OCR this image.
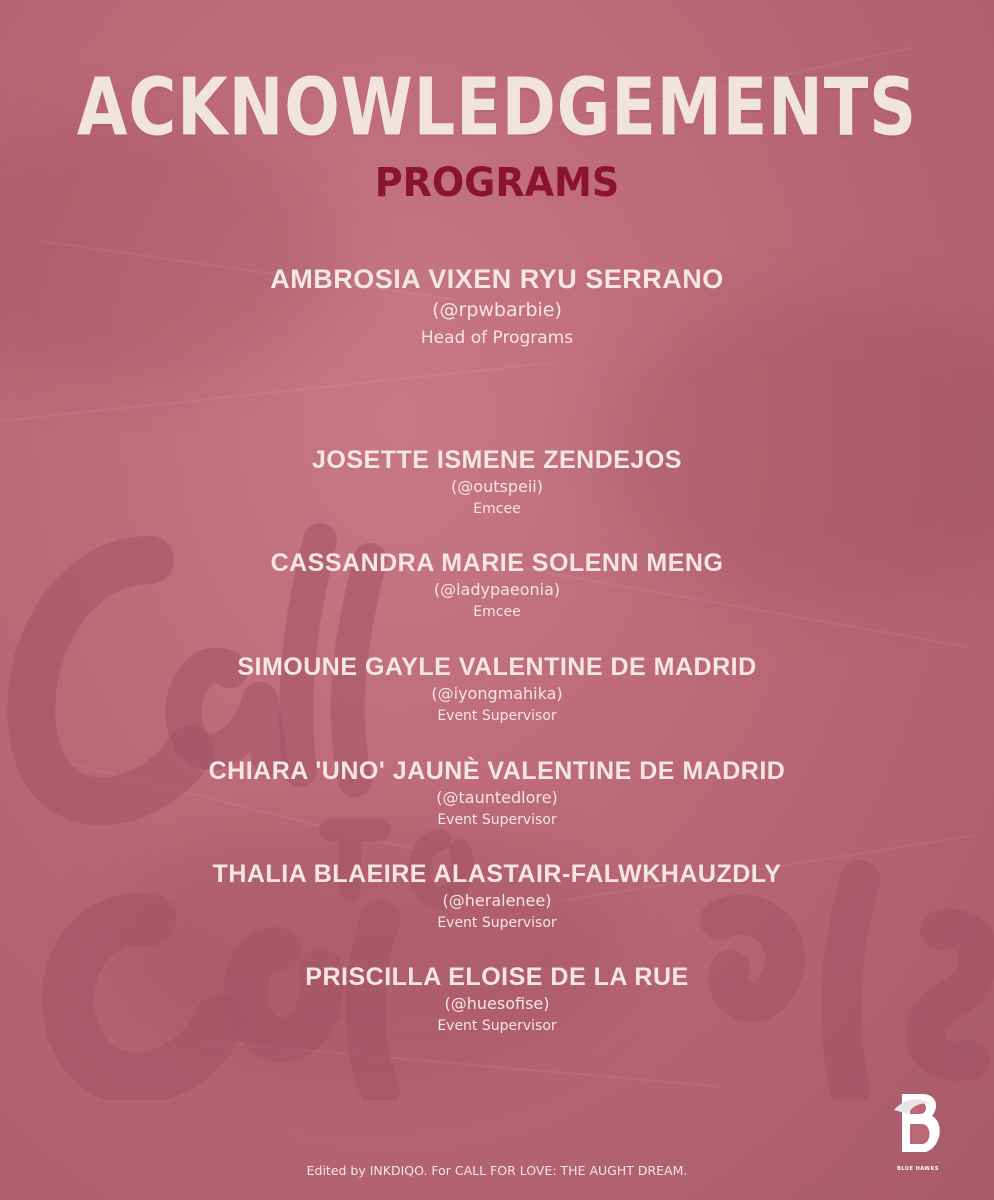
ACKNOWLEDGEMENTS
PROGRAMS
AMBROSIA VIXEN RYU SERRANO
(@rpwbarbie)
Head of Programs
JOSETTE ISMENE ZENDEJOS
(@outspeii)
Emcee
CASSANDRA MARIE SOLENN MENG
(@ladypaeonia)
Emcee
SIMOUNE GAYLE VALENTINE DE MADRID
(@iyongmahika)
Event Supervisor
CHIARA 'UNO' JAUNÈ VALENTINE DE MADRID
(@tauntedlore)
Event Supervisor
THALIA BLAEIRE ALASTAIR-FALWKHAUZDLY
(@heralenee)
Event Supervisor
PRISCILLA ELOISE DE LA RUE
(@huesofise)
Event Supervisor
BLUE HAWKS
Edited by INKDIQO. For CALL FOR LOVE: THE AUGHT DREAM.
